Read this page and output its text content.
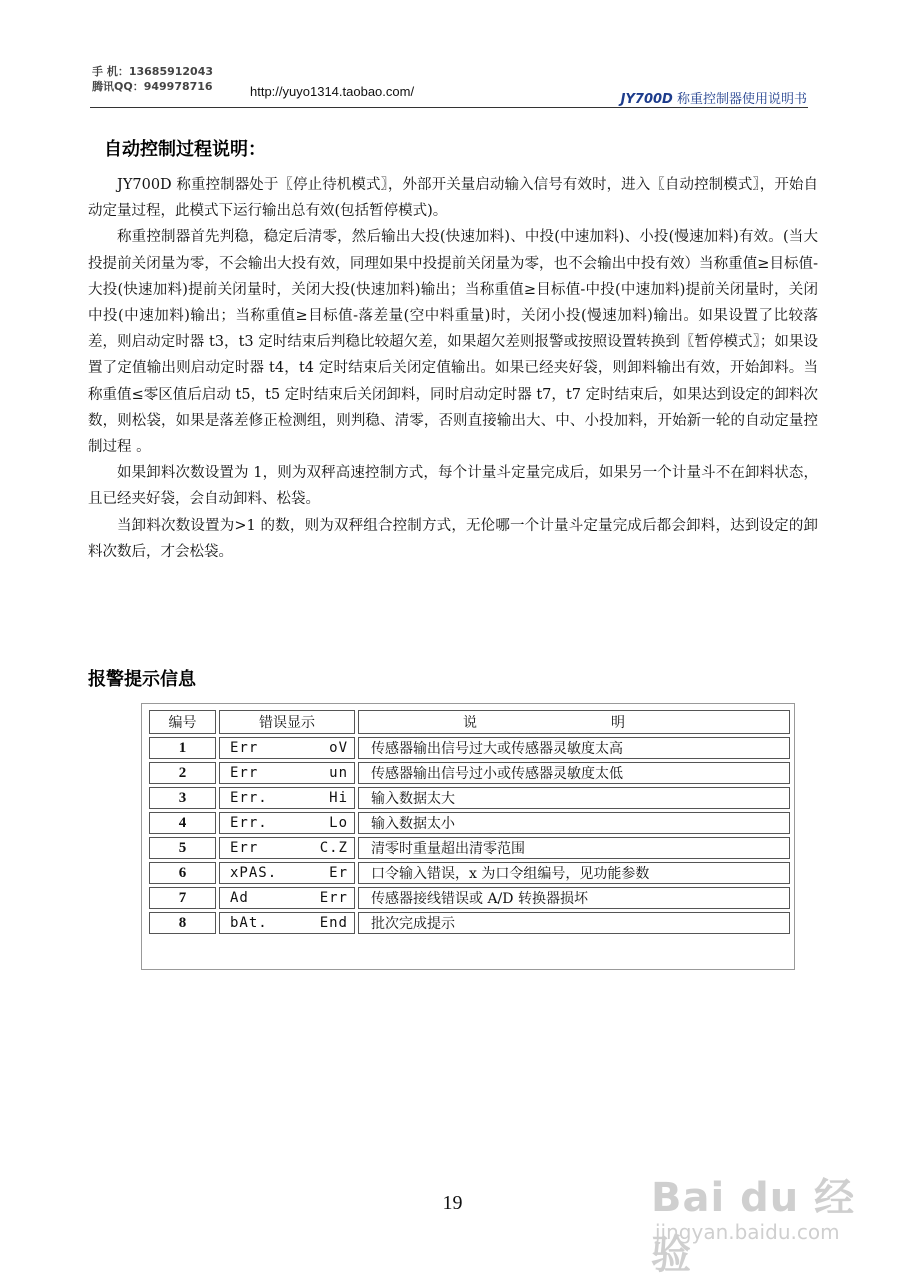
手 机：13685912043
腾讯QQ：949978716	http://yuyo1314.taobao.com/
JY700D 称重控制器使用说明书
自动控制过程说明：

JY700D 称重控制器处于〖停止待机模式〗，外部开关量启动输入信号有效时，进入〖自动控制模式〗，开始自动定量过程，此模式下运行输出总有效(包括暂停模式)。

称重控制器首先判稳，稳定后清零，然后输出大投(快速加料)、中投(中速加料)、小投(慢速加料)有效。(当大投提前关闭量为零，不会输出大投有效，同理如果中投提前关闭量为零，也不会输出中投有效）当称重值≥目标值-大投(快速加料)提前关闭量时，关闭大投(快速加料)输出；当称重值≥目标值-中投(中速加料)提前关闭量时，关闭中投(中速加料)输出；当称重值≥目标值-落差量(空中料重量)时，关闭小投(慢速加料)输出。如果设置了比较落差，则启动定时器 t3，t3 定时结束后判稳比较超欠差，如果超欠差则报警或按照设置转换到〖暂停模式〗；如果设置了定值输出则启动定时器 t4，t4 定时结束后关闭定值输出。如果已经夹好袋，则卸料输出有效，开始卸料。当称重值≤零区值后启动 t5，t5 定时结束后关闭卸料，同时启动定时器 t7，t7 定时结束后，如果达到设定的卸料次数，则松袋，如果是落差修正检测组，则判稳、清零，否则直接输出大、中、小投加料，开始新一轮的自动定量控制过程 。

如果卸料次数设置为 1，则为双秤高速控制方式，每个计量斗定量完成后，如果另一个计量斗不在卸料状态，且已经夹好袋，会自动卸料、松袋。

当卸料次数设置为>1 的数，则为双秤组合控制方式，无伦哪一个计量斗定量完成后都会卸料，达到设定的卸料次数后，才会松袋。

报警提示信息
编号	错误显示	说　明
1	Err oV	传感器输出信号过大或传感器灵敏度太高
2	Err un	传感器输出信号过小或传感器灵敏度太低
3	Err. Hi	输入数据太大
4	Err. Lo	输入数据太小
5	Err C.Z	清零时重量超出清零范围
6	xPAS. Er	口令输入错误，x 为口令组编号，见功能参数
7	Ad Err	传感器接线错误或 A/D 转换器损坏
8	bAt. End	批次完成提示
19	Bai du 经验
jingyan.baidu.com
